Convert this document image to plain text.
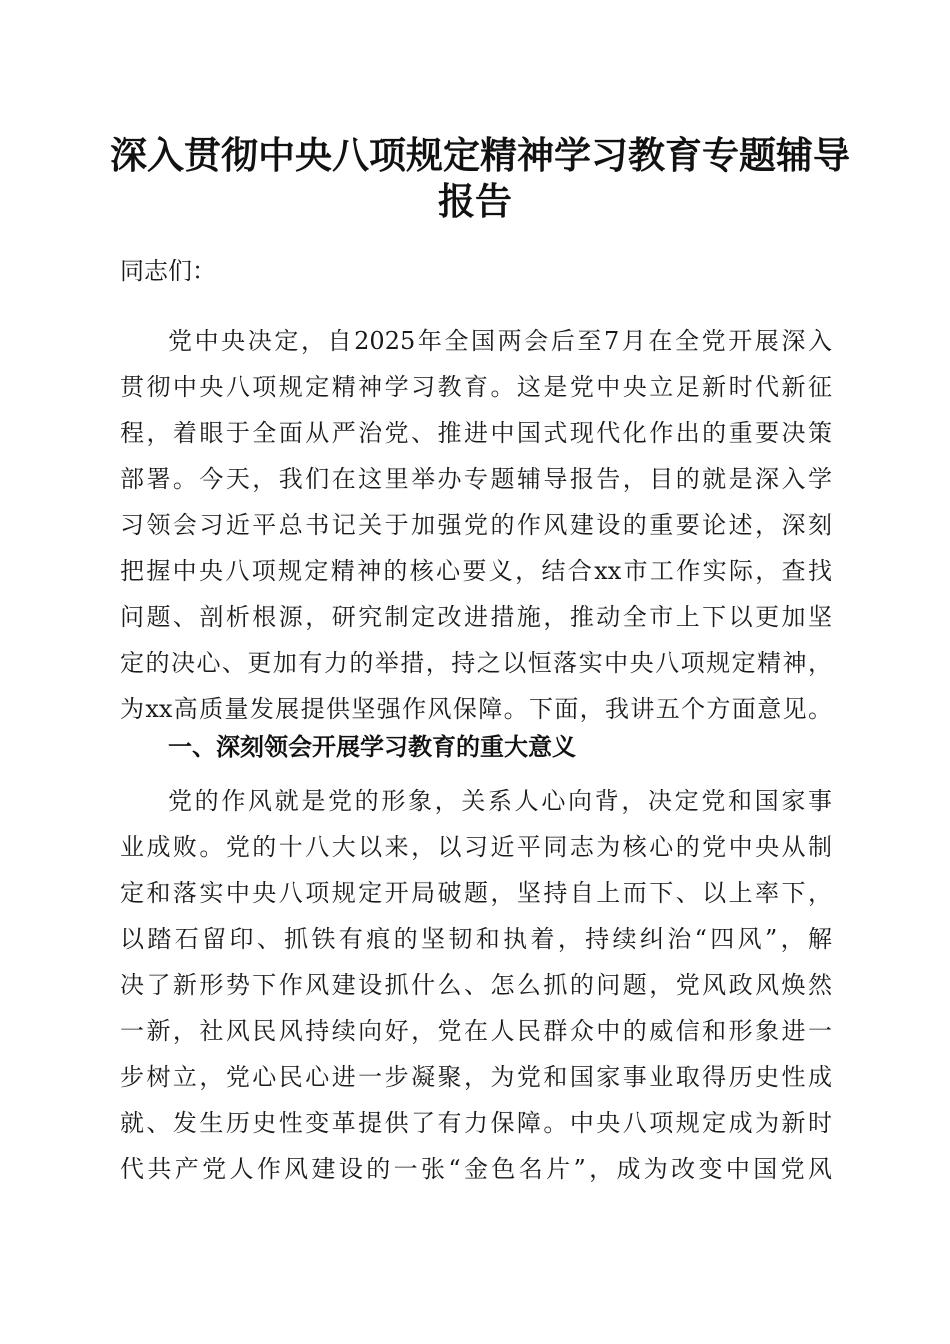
深入贯彻中央八项规定精神学习教育专题辅导
报告
同志们：
党中央决定，自2025年全国两会后至7月在全党开展深入
贯彻中央八项规定精神学习教育。这是党中央立足新时代新征
程，着眼于全面从严治党、推进中国式现代化作出的重要决策
部署。今天，我们在这里举办专题辅导报告，目的就是深入学
习领会习近平总书记关于加强党的作风建设的重要论述，深刻
把握中央八项规定精神的核心要义，结合xx市工作实际，查找
问题、剖析根源，研究制定改进措施，推动全市上下以更加坚
定的决心、更加有力的举措，持之以恒落实中央八项规定精神，
为xx高质量发展提供坚强作风保障。下面，我讲五个方面意见。
一、深刻领会开展学习教育的重大意义
党的作风就是党的形象，关系人心向背，决定党和国家事
业成败。党的十八大以来，以习近平同志为核心的党中央从制
定和落实中央八项规定开局破题，坚持自上而下、以上率下，
以踏石留印、抓铁有痕的坚韧和执着，持续纠治“四风”，解
决了新形势下作风建设抓什么、怎么抓的问题，党风政风焕然
一新，社风民风持续向好，党在人民群众中的威信和形象进一
步树立，党心民心进一步凝聚，为党和国家事业取得历史性成
就、发生历史性变革提供了有力保障。中央八项规定成为新时
代共产党人作风建设的一张“金色名片”，成为改变中国党风
